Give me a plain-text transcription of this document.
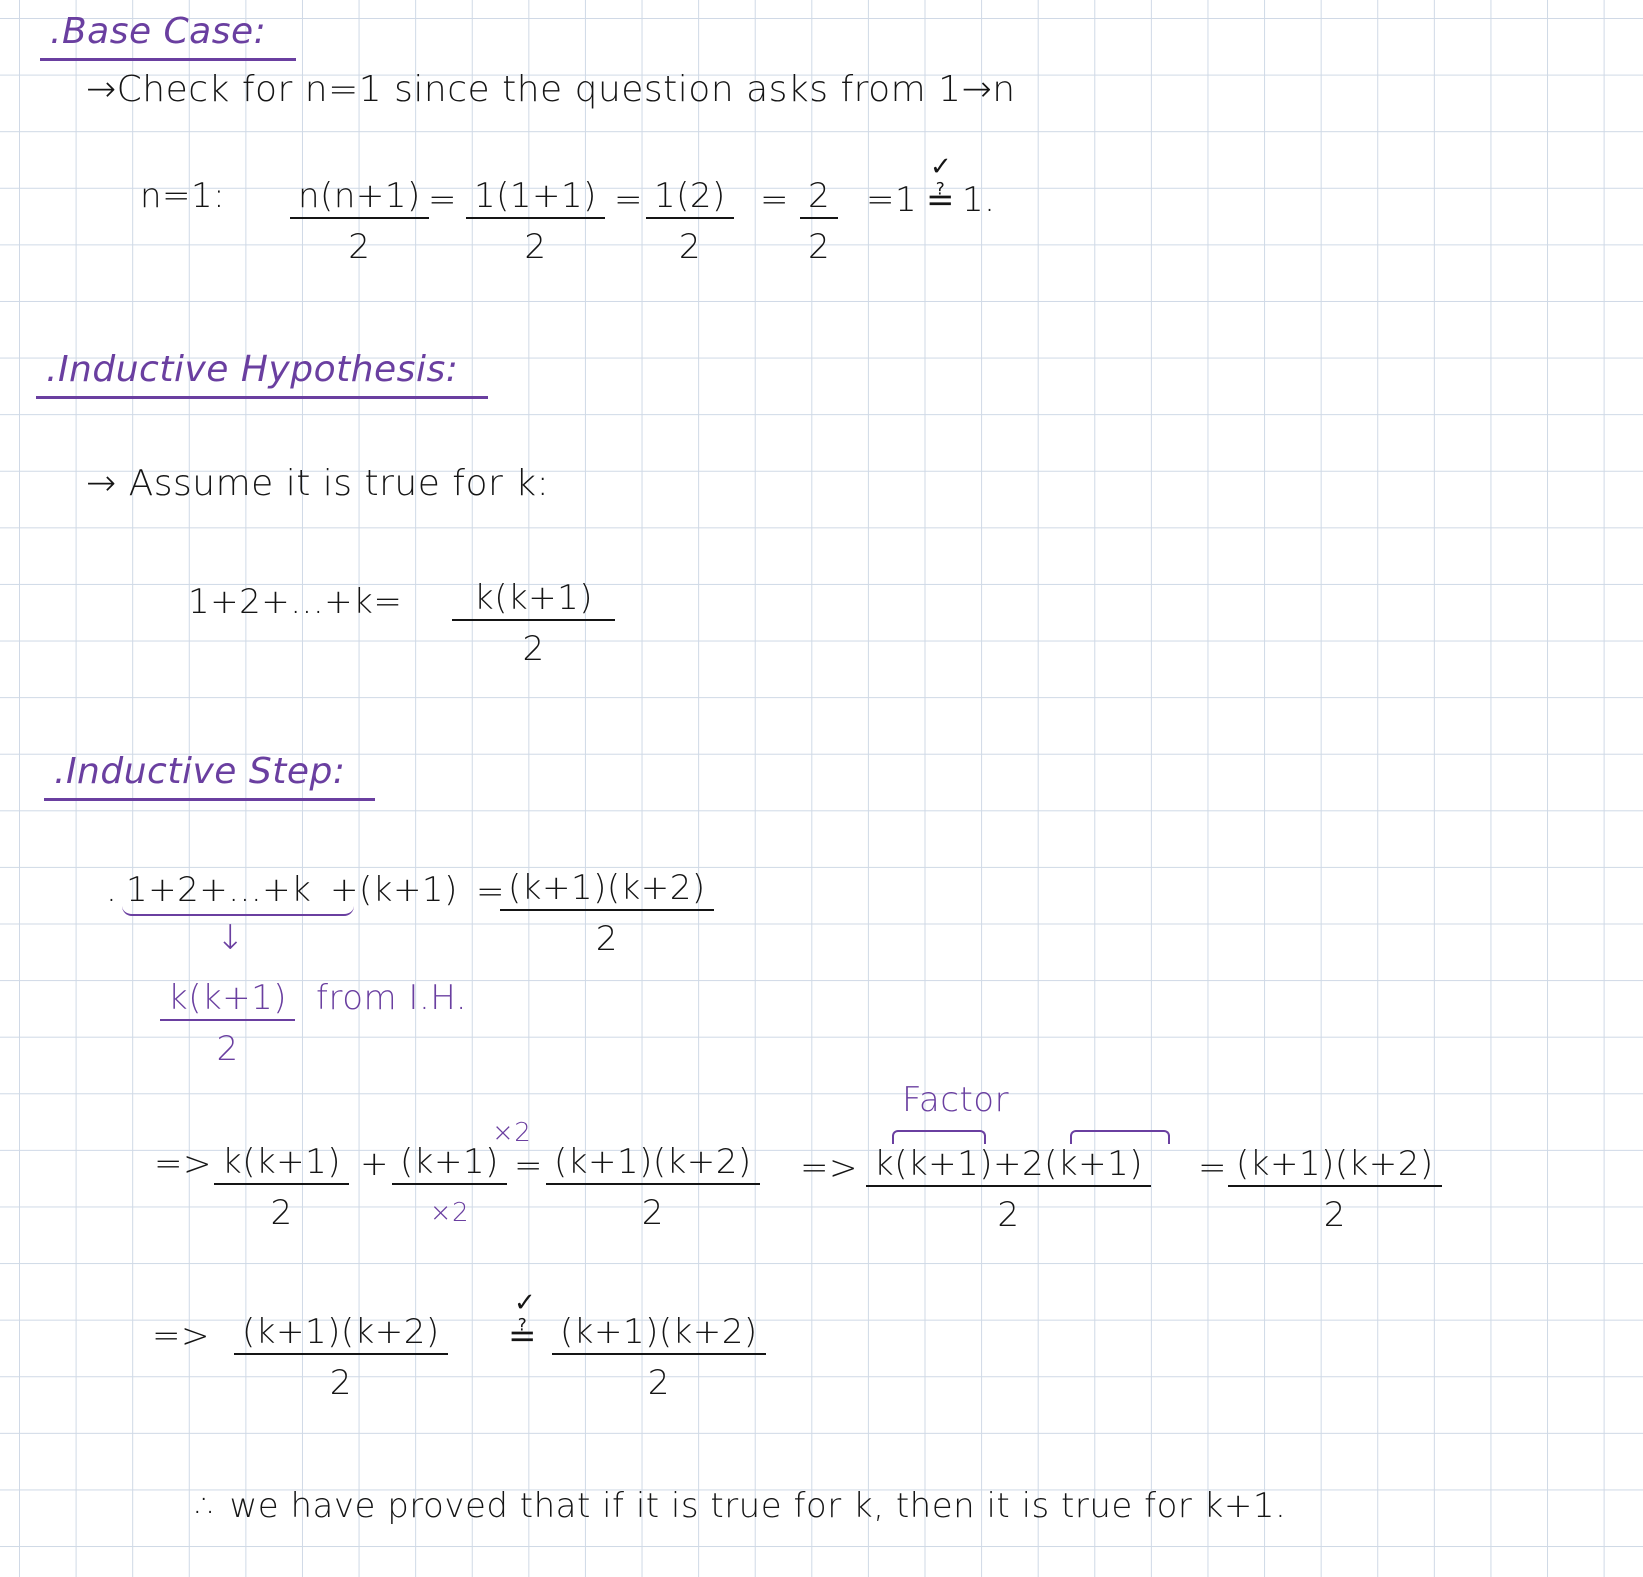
.Base Case:
→Check for n=1 since the question asks from 1→n
n=1: $\frac{n(n+1)}{2} = \frac{1(1+1)}{2} = \frac{1(2)}{2} = \frac{2}{2} =1$
✓
≟ 1.
.Inductive Hypothesis:
→ Assume it is true for k:
$1+2+...+k= \frac{k(k+1)}{2}$
.Inductive Step:
. 1+2+...+k +(k+1) =
$\frac{(k+1)(k+2)}{2}$
↓
$\frac{k(k+1)}{2}$ from I.H.
=> $\frac{k(k+1)}{2} + (k+1)$
×2
×2
= $\frac{(k+1)(k+2)}{2}$
Factor
=> $\frac{k(k+1)+2(k+1)}{2} = \frac{(k+1)(k+2)}{2}$
=> $\frac{(k+1)(k+2)}{2}$
✓
≟ $\frac{(k+1)(k+2)}{2}$
∴ we have proved that if it is true for k, then it is true for k+1.
